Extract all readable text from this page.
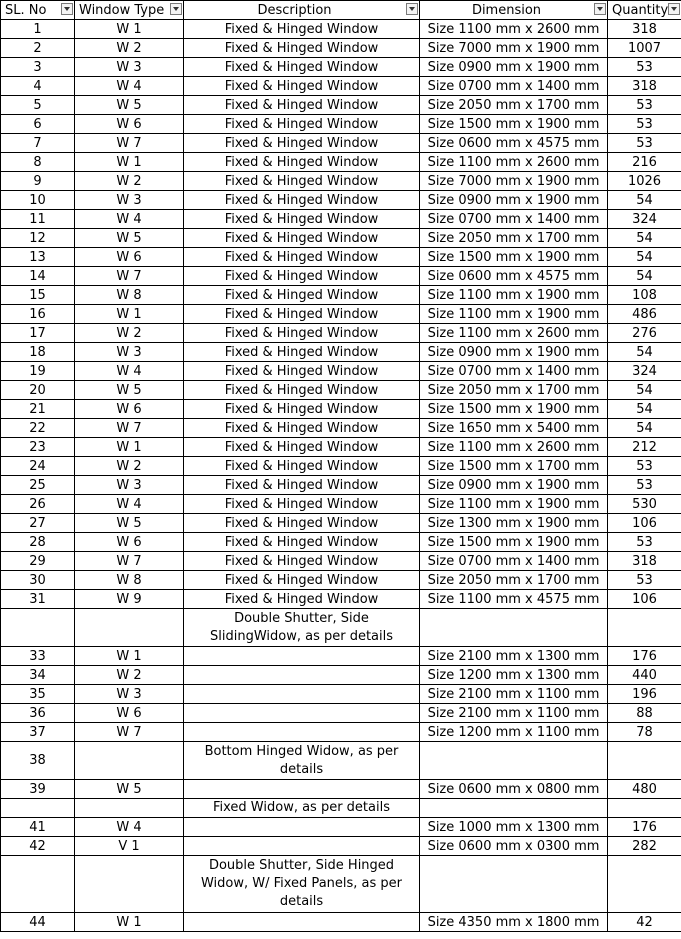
SL. No	Window Type	Description	Dimension	Quantity

1	W 1	Fixed & Hinged Window	Size 1100 mm x 2600 mm	318
2	W 2	Fixed & Hinged Window	Size 7000 mm x 1900 mm	1007
3	W 3	Fixed & Hinged Window	Size 0900 mm x 1900 mm	53
4	W 4	Fixed & Hinged Window	Size 0700 mm x 1400 mm	318
5	W 5	Fixed & Hinged Window	Size 2050 mm x 1700 mm	53
6	W 6	Fixed & Hinged Window	Size 1500 mm x 1900 mm	53
7	W 7	Fixed & Hinged Window	Size 0600 mm x 4575 mm	53
8	W 1	Fixed & Hinged Window	Size 1100 mm x 2600 mm	216
9	W 2	Fixed & Hinged Window	Size 7000 mm x 1900 mm	1026
10	W 3	Fixed & Hinged Window	Size 0900 mm x 1900 mm	54
11	W 4	Fixed & Hinged Window	Size 0700 mm x 1400 mm	324
12	W 5	Fixed & Hinged Window	Size 2050 mm x 1700 mm	54
13	W 6	Fixed & Hinged Window	Size 1500 mm x 1900 mm	54
14	W 7	Fixed & Hinged Window	Size 0600 mm x 4575 mm	54
15	W 8	Fixed & Hinged Window	Size 1100 mm x 1900 mm	108
16	W 1	Fixed & Hinged Window	Size 1100 mm x 1900 mm	486
17	W 2	Fixed & Hinged Window	Size 1100 mm x 2600 mm	276
18	W 3	Fixed & Hinged Window	Size 0900 mm x 1900 mm	54
19	W 4	Fixed & Hinged Window	Size 0700 mm x 1400 mm	324
20	W 5	Fixed & Hinged Window	Size 2050 mm x 1700 mm	54
21	W 6	Fixed & Hinged Window	Size 1500 mm x 1900 mm	54
22	W 7	Fixed & Hinged Window	Size 1650 mm x 5400 mm	54
23	W 1	Fixed & Hinged Window	Size 1100 mm x 2600 mm	212
24	W 2	Fixed & Hinged Window	Size 1500 mm x 1700 mm	53
25	W 3	Fixed & Hinged Window	Size 0900 mm x 1900 mm	53
26	W 4	Fixed & Hinged Window	Size 1100 mm x 1900 mm	530
27	W 5	Fixed & Hinged Window	Size 1300 mm x 1900 mm	106
28	W 6	Fixed & Hinged Window	Size 1500 mm x 1900 mm	53
29	W 7	Fixed & Hinged Window	Size 0700 mm x 1400 mm	318
30	W 8	Fixed & Hinged Window	Size 2050 mm x 1700 mm	53
31	W 9	Fixed & Hinged Window	Size 1100 mm x 4575 mm	106
		Double Shutter, Side SlidingWidow, as per details		
33	W 1		Size 2100 mm x 1300 mm	176
34	W 2		Size 1200 mm x 1300 mm	440
35	W 3		Size 2100 mm x 1100 mm	196
36	W 6		Size 2100 mm x 1100 mm	88
37	W 7		Size 1200 mm x 1100 mm	78
38		Bottom Hinged Widow, as per details		
39	W 5		Size 0600 mm x 0800 mm	480
		Fixed Widow, as per details		
41	W 4		Size 1000 mm x 1300 mm	176
42	V 1		Size 0600 mm x 0300 mm	282
		Double Shutter, Side Hinged Widow, W/ Fixed Panels, as per details		
44	W 1		Size 4350 mm x 1800 mm	42
